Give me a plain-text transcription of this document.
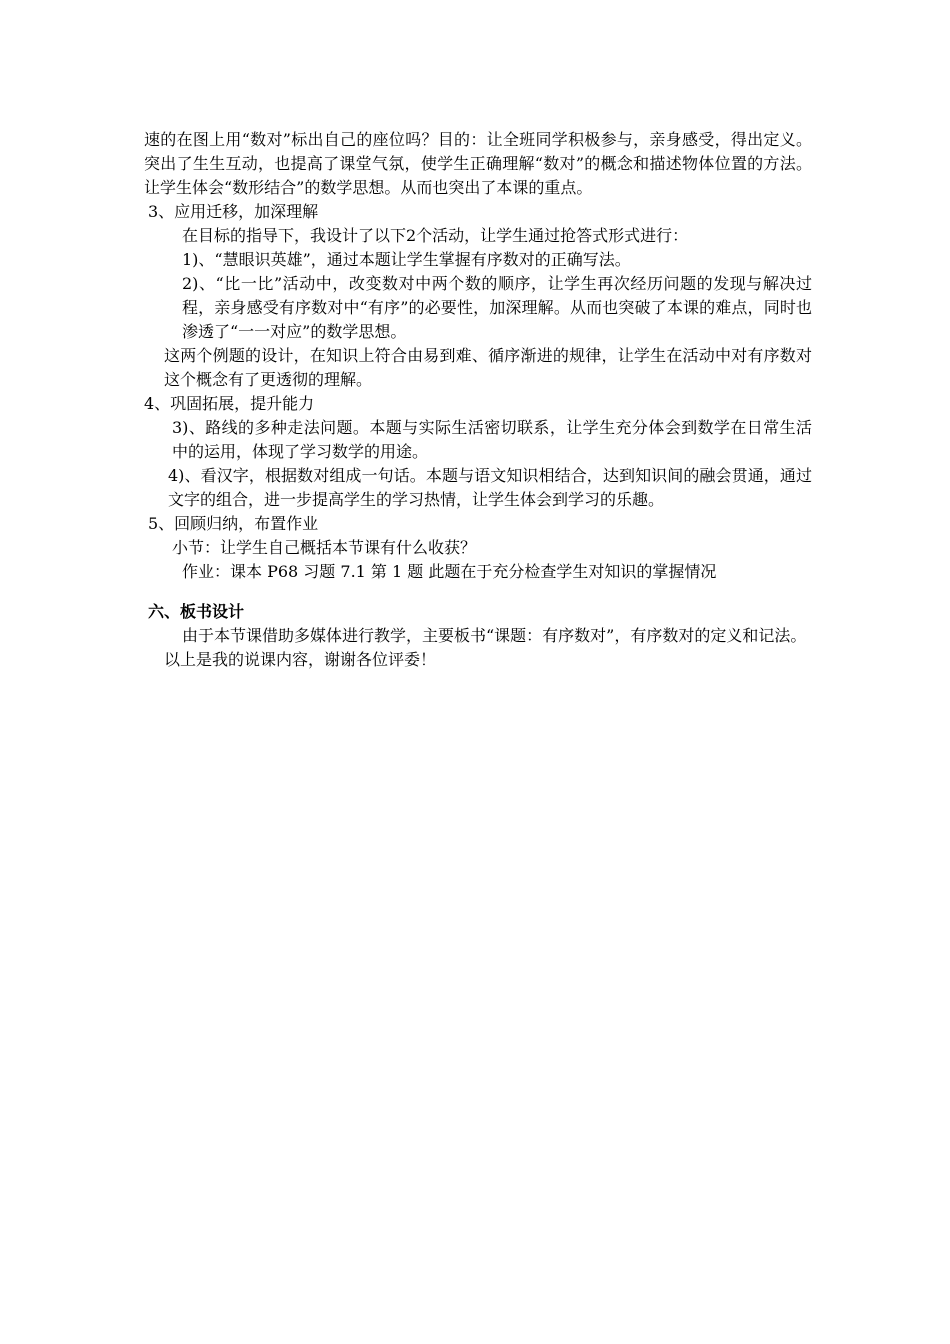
速的在图上用“数对”标出自己的座位吗？目的：让全班同学积极参与，亲身感受，得出定义。突出了生生互动，也提高了课堂气氛，使学生正确理解“数对”的概念和描述物体位置的方法。让学生体会“数形结合”的数学思想。从而也突出了本课的重点。

3、应用迁移，加深理解

在目标的指导下，我设计了以下2个活动，让学生通过抢答式形式进行：

1)、“慧眼识英雄”，通过本题让学生掌握有序数对的正确写法。

2)、“比一比”活动中，改变数对中两个数的顺序，让学生再次经历问题的发现与解决过程，亲身感受有序数对中“有序”的必要性，加深理解。从而也突破了本课的难点，同时也渗透了“一一对应”的数学思想。

这两个例题的设计，在知识上符合由易到难、循序渐进的规律，让学生在活动中对有序数对这个概念有了更透彻的理解。

4、巩固拓展，提升能力

3)、路线的多种走法问题。本题与实际生活密切联系，让学生充分体会到数学在日常生活中的运用，体现了学习数学的用途。

4)、看汉字，根据数对组成一句话。本题与语文知识相结合，达到知识间的融会贯通，通过文字的组合，进一步提高学生的学习热情，让学生体会到学习的乐趣。

5、回顾归纳，布置作业

小节：让学生自己概括本节课有什么收获？

作业：课本 P68 习题 7.1 第 1 题 此题在于充分检查学生对知识的掌握情况

六、板书设计

由于本节课借助多媒体进行教学，主要板书“课题：有序数对”，有序数对的定义和记法。

以上是我的说课内容，谢谢各位评委！
